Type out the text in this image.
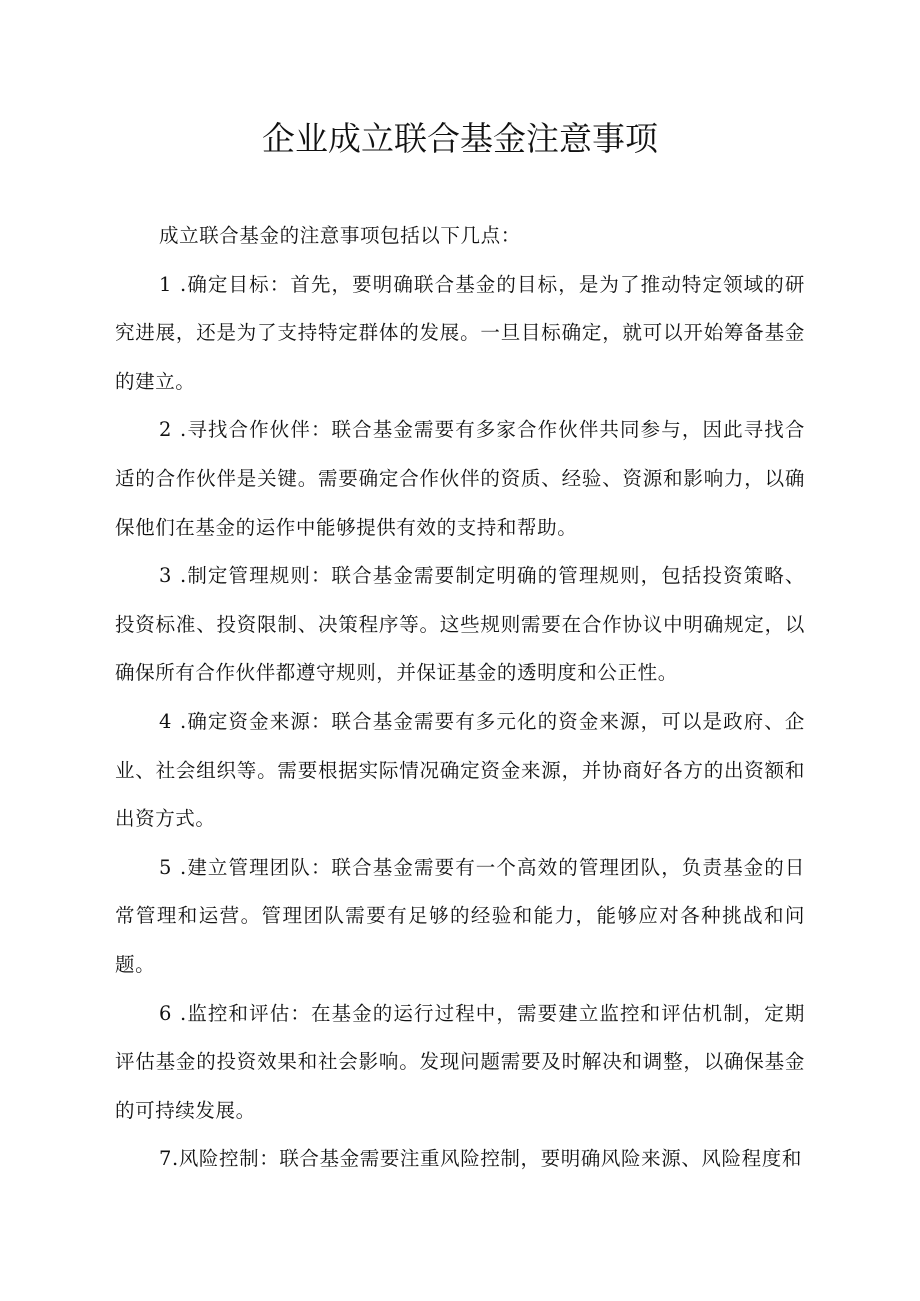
企业成立联合基金注意事项

成立联合基金的注意事项包括以下几点：

1 .确定目标：首先，要明确联合基金的目标，是为了推动特定领域的研究进展，还是为了支持特定群体的发展。一旦目标确定，就可以开始筹备基金的建立。

2 .寻找合作伙伴：联合基金需要有多家合作伙伴共同参与，因此寻找合适的合作伙伴是关键。需要确定合作伙伴的资质、经验、资源和影响力，以确保他们在基金的运作中能够提供有效的支持和帮助。

3 .制定管理规则：联合基金需要制定明确的管理规则，包括投资策略、投资标准、投资限制、决策程序等。这些规则需要在合作协议中明确规定，以确保所有合作伙伴都遵守规则，并保证基金的透明度和公正性。

4 .确定资金来源：联合基金需要有多元化的资金来源，可以是政府、企业、社会组织等。需要根据实际情况确定资金来源，并协商好各方的出资额和出资方式。

5 .建立管理团队：联合基金需要有一个高效的管理团队，负责基金的日常管理和运营。管理团队需要有足够的经验和能力，能够应对各种挑战和问题。

6 .监控和评估：在基金的运行过程中，需要建立监控和评估机制，定期评估基金的投资效果和社会影响。发现问题需要及时解决和调整，以确保基金的可持续发展。

7.风险控制：联合基金需要注重风险控制，要明确风险来源、风险程度和
